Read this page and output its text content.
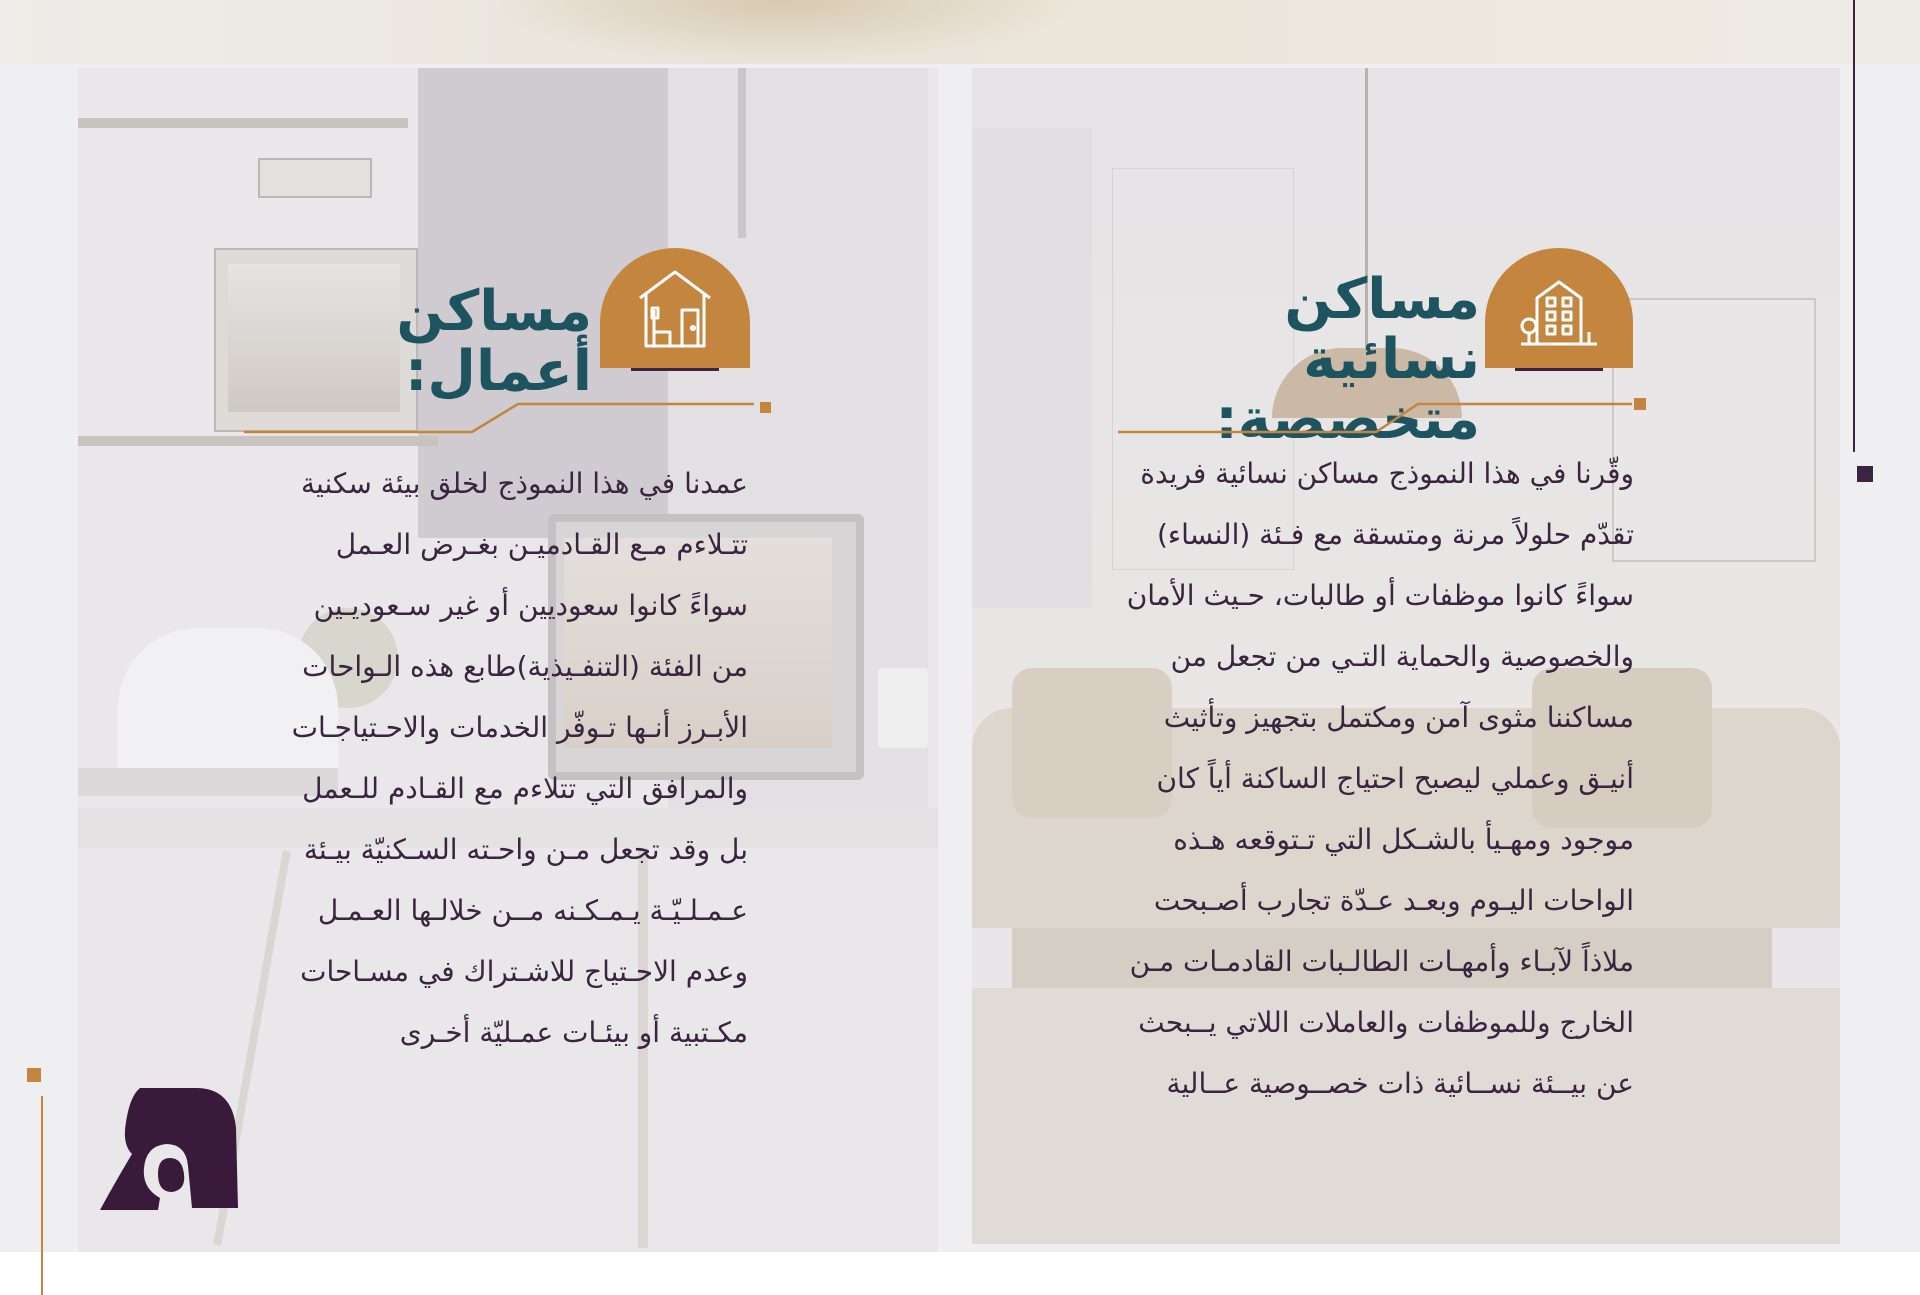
مساكن نسائية
متخصصة:

وقّرنا في هذا النموذج مساكن نسائية فريدة

تقدّم حلولاً مرنة ومتسقة مع فـئة (النساء)

سواءً كانوا موظفات أو طالبات، حـيث الأمان

والخصوصية والحماية التـي من تجعل من

مساكننا مثوى آمن ومكتمل بتجهيز وتأثيث

أنيـق وعملي ليصبح احتياج الساكنة أياً كان

موجود ومهـيأ بالشـكل التي تـتوقعه هـذه

الواحات اليـوم وبعـد عـدّة تجارب أصـبحت

ملاذاً لآبـاء وأمهـات الطالـبات القادمـات مـن

الخارج وللموظفات والعاملات اللاتي يــبحث

عن بيــئة نســائية ذات خصــوصية عــالية

مساكن أعمال:

عمدنا في هذا النموذج لخلق بيئة سكنية

تتـلاءم مـع القـادميـن بغـرض العـمل

سواءً كانوا سعوديين أو غير سـعوديـين

من الفئة (التنفـيذية)طابع هذه الـواحات

الأبـرز أنـها تـوفّر الخدمات والاحـتياجـات

والمرافق التي تتلاءم مع القـادم للـعمل

بل وقد تجعل مـن واحـته السـكنيّة بيـئة

عـمـلـيّـة يـمـكـنه مــن خلالـها العـمـل

وعدم الاحـتياج للاشـتراك في مسـاحات

مكـتبية أو بيئـات عمـليّة أخـرى
